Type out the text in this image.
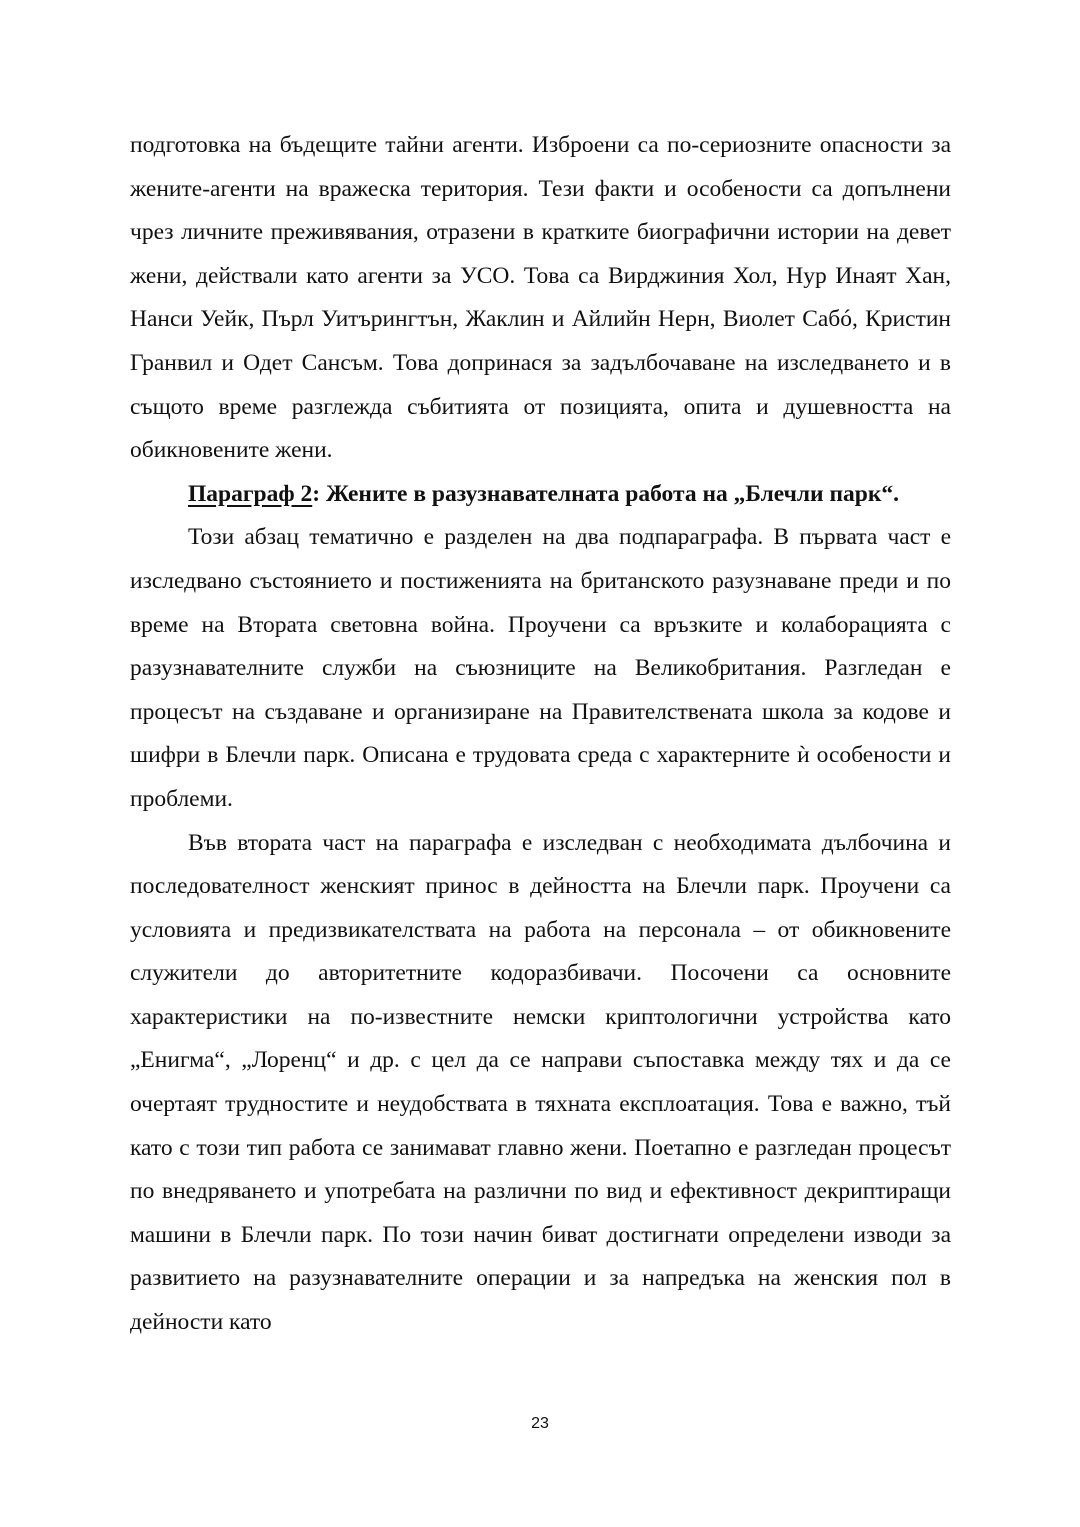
подготовка на бъдещите тайни агенти. Изброени са по-сериозните опасности за жените-агенти на вражеска територия. Тези факти и особености са допълнени чрез личните преживявания, отразени в кратките биографични истории на девет жени, действали като агенти за УСО. Това са Вирджиния Хол, Нур Инаят Хан, Нанси Уейк, Пърл Уитърингтън, Жаклин и Айлийн Нерн, Виолет Сабó, Кристин Гранвил и Одет Сансъм. Това допринася за задълбочаване на изследването и в същото време разглежда събитията от позицията, опита и душевността на обикновените жени.

Параграф 2: Жените в разузнавателната работа на „Блечли парк“.

Този абзац тематично е разделен на два подпараграфа. В първата част е изследвано състоянието и постиженията на британското разузнаване преди и по време на Втората световна война. Проучени са връзките и колаборацията с разузнавателните служби на съюзниците на Великобритания. Разгледан е процесът на създаване и организиране на Правителствената школа за кодове и шифри в Блечли парк. Описана е трудовата среда с характерните ѝ особености и проблеми.

Във втората част на параграфа е изследван с необходимата дълбочина и последователност женският принос в дейността на Блечли парк. Проучени са условията и предизвикателствата на работа на персонала – от обикновените служители до авторитетните кодоразбивачи. Посочени са основните характеристики на по-известните немски криптологични устройства като „Енигма“, „Лоренц“ и др. с цел да се направи съпоставка между тях и да се очертаят трудностите и неудобствата в тяхната експлоатация. Това е важно, тъй като с този тип работа се занимават главно жени. Поетапно е разгледан процесът по внедряването и употребата на различни по вид и ефективност декриптиращи машини в Блечли парк. По този начин биват достигнати определени изводи за развитието на разузнавателните операции и за напредъка на женския пол в дейности като

23
